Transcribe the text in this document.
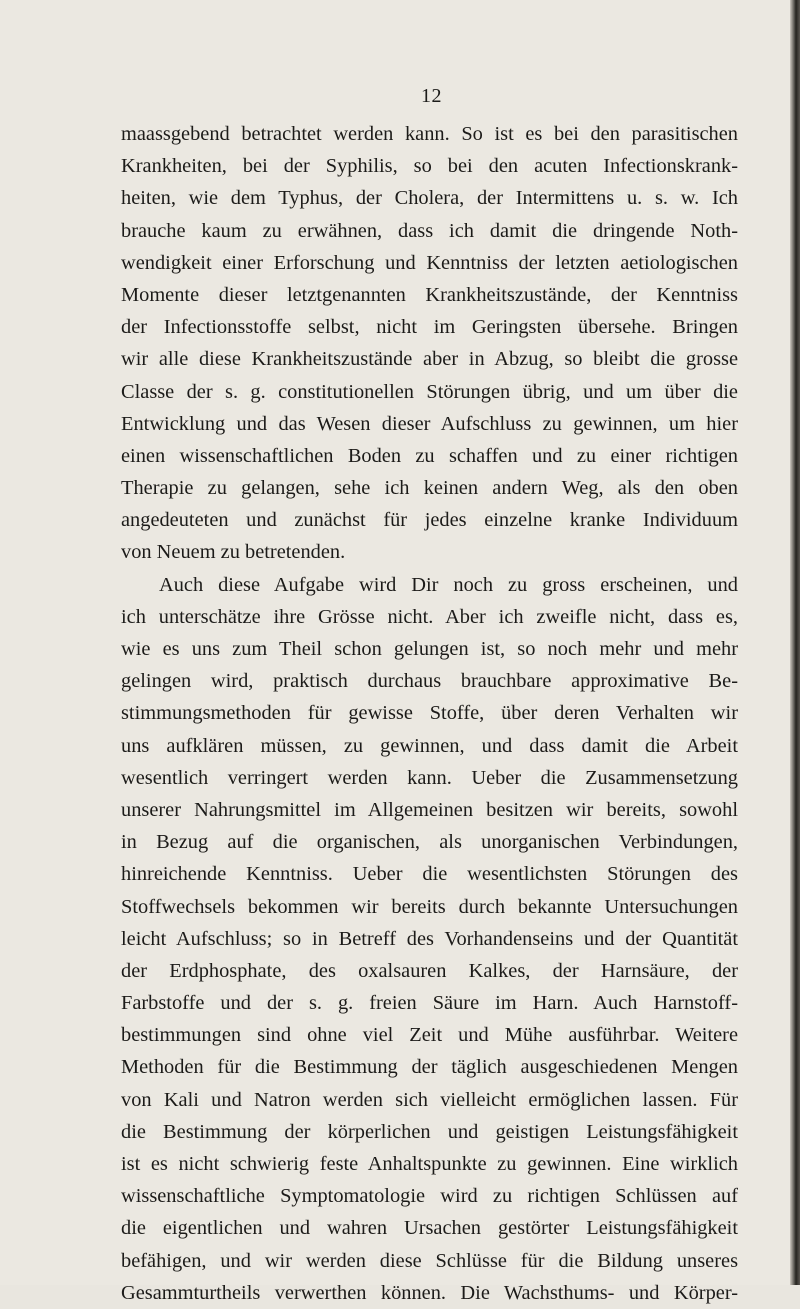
12
maassgebend betrachtet werden kann. So ist es bei den parasitischen
Krankheiten, bei der Syphilis, so bei den acuten Infectionskrank-
heiten, wie dem Typhus, der Cholera, der Intermittens u. s. w. Ich
brauche kaum zu erwähnen, dass ich damit die dringende Noth-
wendigkeit einer Erforschung und Kenntniss der letzten aetiologischen
Momente dieser letztgenannten Krankheitszustände, der Kenntniss
der Infectionsstoffe selbst, nicht im Geringsten übersehe. Bringen
wir alle diese Krankheitszustände aber in Abzug, so bleibt die grosse
Classe der s. g. constitutionellen Störungen übrig, und um über die
Entwicklung und das Wesen dieser Aufschluss zu gewinnen, um hier
einen wissenschaftlichen Boden zu schaffen und zu einer richtigen
Therapie zu gelangen, sehe ich keinen andern Weg, als den oben
angedeuteten und zunächst für jedes einzelne kranke Individuum
von Neuem zu betretenden.
Auch diese Aufgabe wird Dir noch zu gross erscheinen, und
ich unterschätze ihre Grösse nicht. Aber ich zweifle nicht, dass es,
wie es uns zum Theil schon gelungen ist, so noch mehr und mehr
gelingen wird, praktisch durchaus brauchbare approximative Be-
stimmungsmethoden für gewisse Stoffe, über deren Verhalten wir
uns aufklären müssen, zu gewinnen, und dass damit die Arbeit
wesentlich verringert werden kann. Ueber die Zusammensetzung
unserer Nahrungsmittel im Allgemeinen besitzen wir bereits, sowohl
in Bezug auf die organischen, als unorganischen Verbindungen,
hinreichende Kenntniss. Ueber die wesentlichsten Störungen des
Stoffwechsels bekommen wir bereits durch bekannte Untersuchungen
leicht Aufschluss; so in Betreff des Vorhandenseins und der Quantität
der Erdphosphate, des oxalsauren Kalkes, der Harnsäure, der
Farbstoffe und der s. g. freien Säure im Harn. Auch Harnstoff-
bestimmungen sind ohne viel Zeit und Mühe ausführbar. Weitere
Methoden für die Bestimmung der täglich ausgeschiedenen Mengen
von Kali und Natron werden sich vielleicht ermöglichen lassen. Für
die Bestimmung der körperlichen und geistigen Leistungsfähigkeit
ist es nicht schwierig feste Anhaltspunkte zu gewinnen. Eine wirklich
wissenschaftliche Symptomatologie wird zu richtigen Schlüssen auf
die eigentlichen und wahren Ursachen gestörter Leistungsfähigkeit
befähigen, und wir werden diese Schlüsse für die Bildung unseres
Gesammturtheils verwerthen können. Die Wachsthums- und Körper-
